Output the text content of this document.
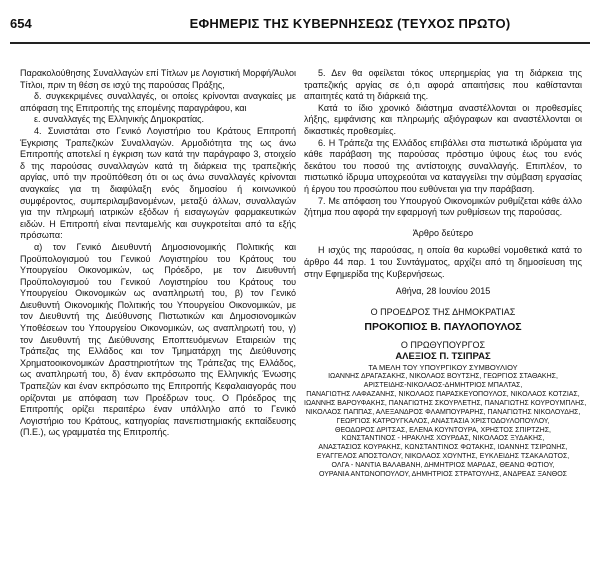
654	ΕΦΗΜΕΡΙΣ ΤΗΣ ΚΥΒΕΡΝΗΣΕΩΣ (ΤΕΥΧΟΣ ΠΡΩΤΟ)

Παρακολούθησης Συναλλαγών επί Τίτλων με Λογιστική Μορφή/Άυλοι Τίτλοι, πριν τη θέση σε ισχύ της παρούσας Πράξης,

δ. συγκεκριμένες συναλλαγές, οι οποίες κρίνονται αναγκαίες με απόφαση της Επιτροπής της επομένης παραγράφου, και

ε. συναλλαγές της Ελληνικής Δημοκρατίας.

4. Συνιστάται στο Γενικό Λογιστήριο του Κράτους Επιτροπή Έγκρισης Τραπεζικών Συναλλαγών. Αρμοδιότητα της ως άνω Επιτροπής αποτελεί η έγκριση των κατά την παράγραφο 3, στοιχείο δ της παρούσας συναλλαγών κατά τη διάρκεια της τραπεζικής αργίας, υπό την προϋπόθεση ότι οι ως άνω συναλλαγές κρίνονται αναγκαίες για τη διαφύλαξη ενός δημοσίου ή κοινωνικού συμφέροντος, συμπεριλαμβανομένων, μεταξύ άλλων, συναλλαγών για την πληρωμή ιατρικών εξόδων ή εισαγωγών φαρμακευτικών ειδών. Η Επιτροπή είναι πενταμελής και συγκροτείται από τα εξής πρόσωπα:

α) τον Γενικό Διευθυντή Δημοσιονομικής Πολιτικής και Προϋπολογισμού του Γενικού Λογιστηρίου του Κράτους του Υπουργείου Οικονομικών, ως Πρόεδρο, με τον Διευθυντή Προϋπολογισμού του Γενικού Λογιστηρίου του Κράτους του Υπουργείου Οικονομικών ως αναπληρωτή του, β) τον Γενικό Διευθυντή Οικονομικής Πολιτικής του Υπουργείου Οικονομικών, με τον Διευθυντή της Διεύθυνσης Πιστωτικών και Δημοσιονομικών Υποθέσεων του Υπουργείου Οικονομικών, ως αναπληρωτή του, γ) τον Διευθυντή της Διεύθυνσης Εποπτευόμενων Εταιρειών της Τράπεζας της Ελλάδος και τον Τμηματάρχη της Διεύθυνσης Χρηματοοικονομικών Δραστηριοτήτων της Τράπεζας της Ελλάδος, ως αναπληρωτή του, δ) έναν εκπρόσωπο της Ελληνικής Ένωσης Τραπεζών και έναν εκπρόσωπο της Επιτροπής Κεφαλαιαγοράς που ορίζονται με απόφαση των Προέδρων τους. Ο Πρόεδρος της Επιτροπής ορίζει περαιτέρω έναν υπάλληλο από το Γενικό Λογιστήριο του Κράτους, κατηγορίας πανεπιστημιακής εκπαίδευσης (Π.Ε.), ως γραμματέα της Επιτροπής.

5. Δεν θα οφείλεται τόκος υπερημερίας για τη διάρκεια της τραπεζικής αργίας σε ό,τι αφορά απαιτήσεις που καθίστανται απαιτητές κατά τη διάρκειά της.

Κατά το ίδιο χρονικό διάστημα αναστέλλονται οι προθεσμίες λήξης, εμφάνισης και πληρωμής αξιόγραφων και αναστέλλονται οι δικαστικές προθεσμίες.

6. Η Τράπεζα της Ελλάδος επιβάλλει στα πιστωτικά ιδρύματα για κάθε παράβαση της παρούσας πρόστιμο ύψους έως του ενός δεκάτου του ποσού της αντίστοιχης συναλλαγής. Επιπλέον, το πιστωτικό ίδρυμα υποχρεούται να καταγγείλει την σύμβαση εργασίας ή έργου του προσώπου που ευθύνεται για την παράβαση.

7. Με απόφαση του Υπουργού Οικονομικών ρυθμίζεται κάθε άλλο ζήτημα που αφορά την εφαρμογή των ρυθμίσεων της παρούσας.

Άρθρο δεύτερο

Η ισχύς της παρούσας, η οποία θα κυρωθεί νομοθετικά κατά το άρθρο 44 παρ. 1 του Συντάγματος, αρχίζει από τη δημοσίευση της στην Εφημερίδα της Κυβερνήσεως.

Αθήνα, 28 Ιουνίου 2015

Ο ΠΡΟΕΔΡΟΣ ΤΗΣ ΔΗΜΟΚΡΑΤΙΑΣ

ΠΡΟΚΟΠΙΟΣ Β. ΠΑΥΛΟΠΟΥΛΟΣ

Ο ΠΡΩΘΥΠΟΥΡΓΟΣ

ΑΛΕΞΙΟΣ Π. ΤΣΙΠΡΑΣ

ΤΑ ΜΕΛΗ ΤΟΥ ΥΠΟΥΡΓΙΚΟΥ ΣΥΜΒΟΥΛΙΟΥ

ΙΩΑΝΝΗΣ ΔΡΑΓΑΣΑΚΗΣ, ΝΙΚΟΛΑΟΣ ΒΟΥΤΣΗΣ, ΓΕΩΡΓΙΟΣ ΣΤΑΘΑΚΗΣ,
ΑΡΙΣΤΕΙΔΗΣ-ΝΙΚΟΛΑΟΣ-ΔΗΜΗΤΡΙΟΣ ΜΠΑΛΤΑΣ,
ΠΑΝΑΓΙΩΤΗΣ ΛΑΦΑΖΑΝΗΣ, ΝΙΚΟΛΑΟΣ ΠΑΡΑΣΚΕΥΟΠΟΥΛΟΣ, ΝΙΚΟΛΑΟΣ ΚΟΤΖΙΑΣ,
ΙΩΑΝΝΗΣ ΒΑΡΟΥΦΑΚΗΣ, ΠΑΝΑΓΙΩΤΗΣ ΣΚΟΥΡΛΕΤΗΣ, ΠΑΝΑΓΙΩΤΗΣ ΚΟΥΡΟΥΜΠΛΗΣ,
ΝΙΚΟΛΑΟΣ ΠΑΠΠΑΣ, ΑΛΕΞΑΝΔΡΟΣ ΦΛΑΜΠΟΥΡΑΡΗΣ, ΠΑΝΑΓΙΩΤΗΣ ΝΙΚΟΛΟΥΔΗΣ,
ΓΕΩΡΓΙΟΣ ΚΑΤΡΟΥΓΚΑΛΟΣ, ΑΝΑΣΤΑΣΙΑ ΧΡΙΣΤΟΔΟΥΛΟΠΟΥΛΟΥ,
ΘΕΟΔΩΡΟΣ ΔΡΙΤΣΑΣ, ΕΛΕΝΑ ΚΟΥΝΤΟΥΡΑ, ΧΡΗΣΤΟΣ ΣΠΙΡΤΖΗΣ,
ΚΩΝΣΤΑΝΤΙΝΟΣ - ΗΡΑΚΛΗΣ ΧΟΥΡΔΑΣ, ΝΙΚΟΛΑΟΣ ΞΥΔΑΚΗΣ,
ΑΝΑΣΤΑΣΙΟΣ ΚΟΥΡΑΚΗΣ, ΚΩΝΣΤΑΝΤΙΝΟΣ ΦΩΤΑΚΗΣ, ΙΩΑΝΝΗΣ ΤΣΙΡΩΝΗΣ,
ΕΥΑΓΓΕΛΟΣ ΑΠΟΣΤΟΛΟΥ, ΝΙΚΟΛΑΟΣ ΧΟΥΝΤΗΣ, ΕΥΚΛΕΙΔΗΣ ΤΣΑΚΑΛΩΤΟΣ,
ΟΛΓΑ - ΝΑΝΤΙΑ ΒΑΛΑΒΑΝΗ, ΔΗΜΗΤΡΙΟΣ ΜΑΡΔΑΣ, ΘΕΑΝΩ ΦΩΤΙΟΥ,
ΟΥΡΑΝΙΑ ΑΝΤΩΝΟΠΟΥΛΟΥ, ΔΗΜΗΤΡΙΟΣ ΣΤΡΑΤΟΥΛΗΣ, ΑΝΔΡΕΑΣ ΞΑΝΘΟΣ
